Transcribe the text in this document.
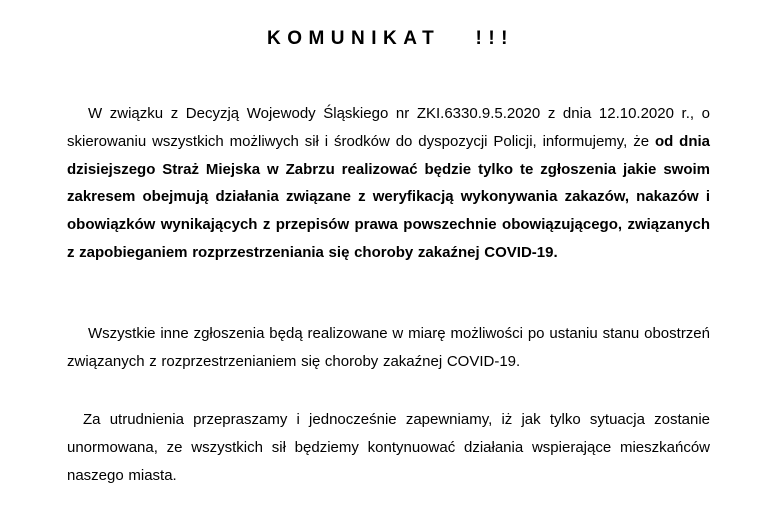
KOMUNIKAT   !!!
W związku z Decyzją Wojewody Śląskiego nr ZKI.6330.9.5.2020 z dnia 12.10.2020 r., o skierowaniu wszystkich możliwych sił i środków do dyspozycji Policji, informujemy, że od dnia dzisiejszego Straż Miejska w Zabrzu realizować będzie tylko te zgłoszenia jakie swoim zakresem obejmują działania związane z weryfikacją wykonywania zakazów, nakazów i obowiązków wynikających z przepisów prawa powszechnie obowiązującego, związanych z zapobieganiem rozprzestrzeniania się choroby zakaźnej COVID-19.
Wszystkie inne zgłoszenia będą realizowane w miarę możliwości po ustaniu stanu obostrzeń związanych z rozprzestrzenianiem się choroby zakaźnej COVID-19.
Za utrudnienia przepraszamy i jednocześnie zapewniamy, iż jak tylko sytuacja zostanie unormowana, ze wszystkich sił będziemy kontynuować działania wspierające mieszkańców naszego miasta.
